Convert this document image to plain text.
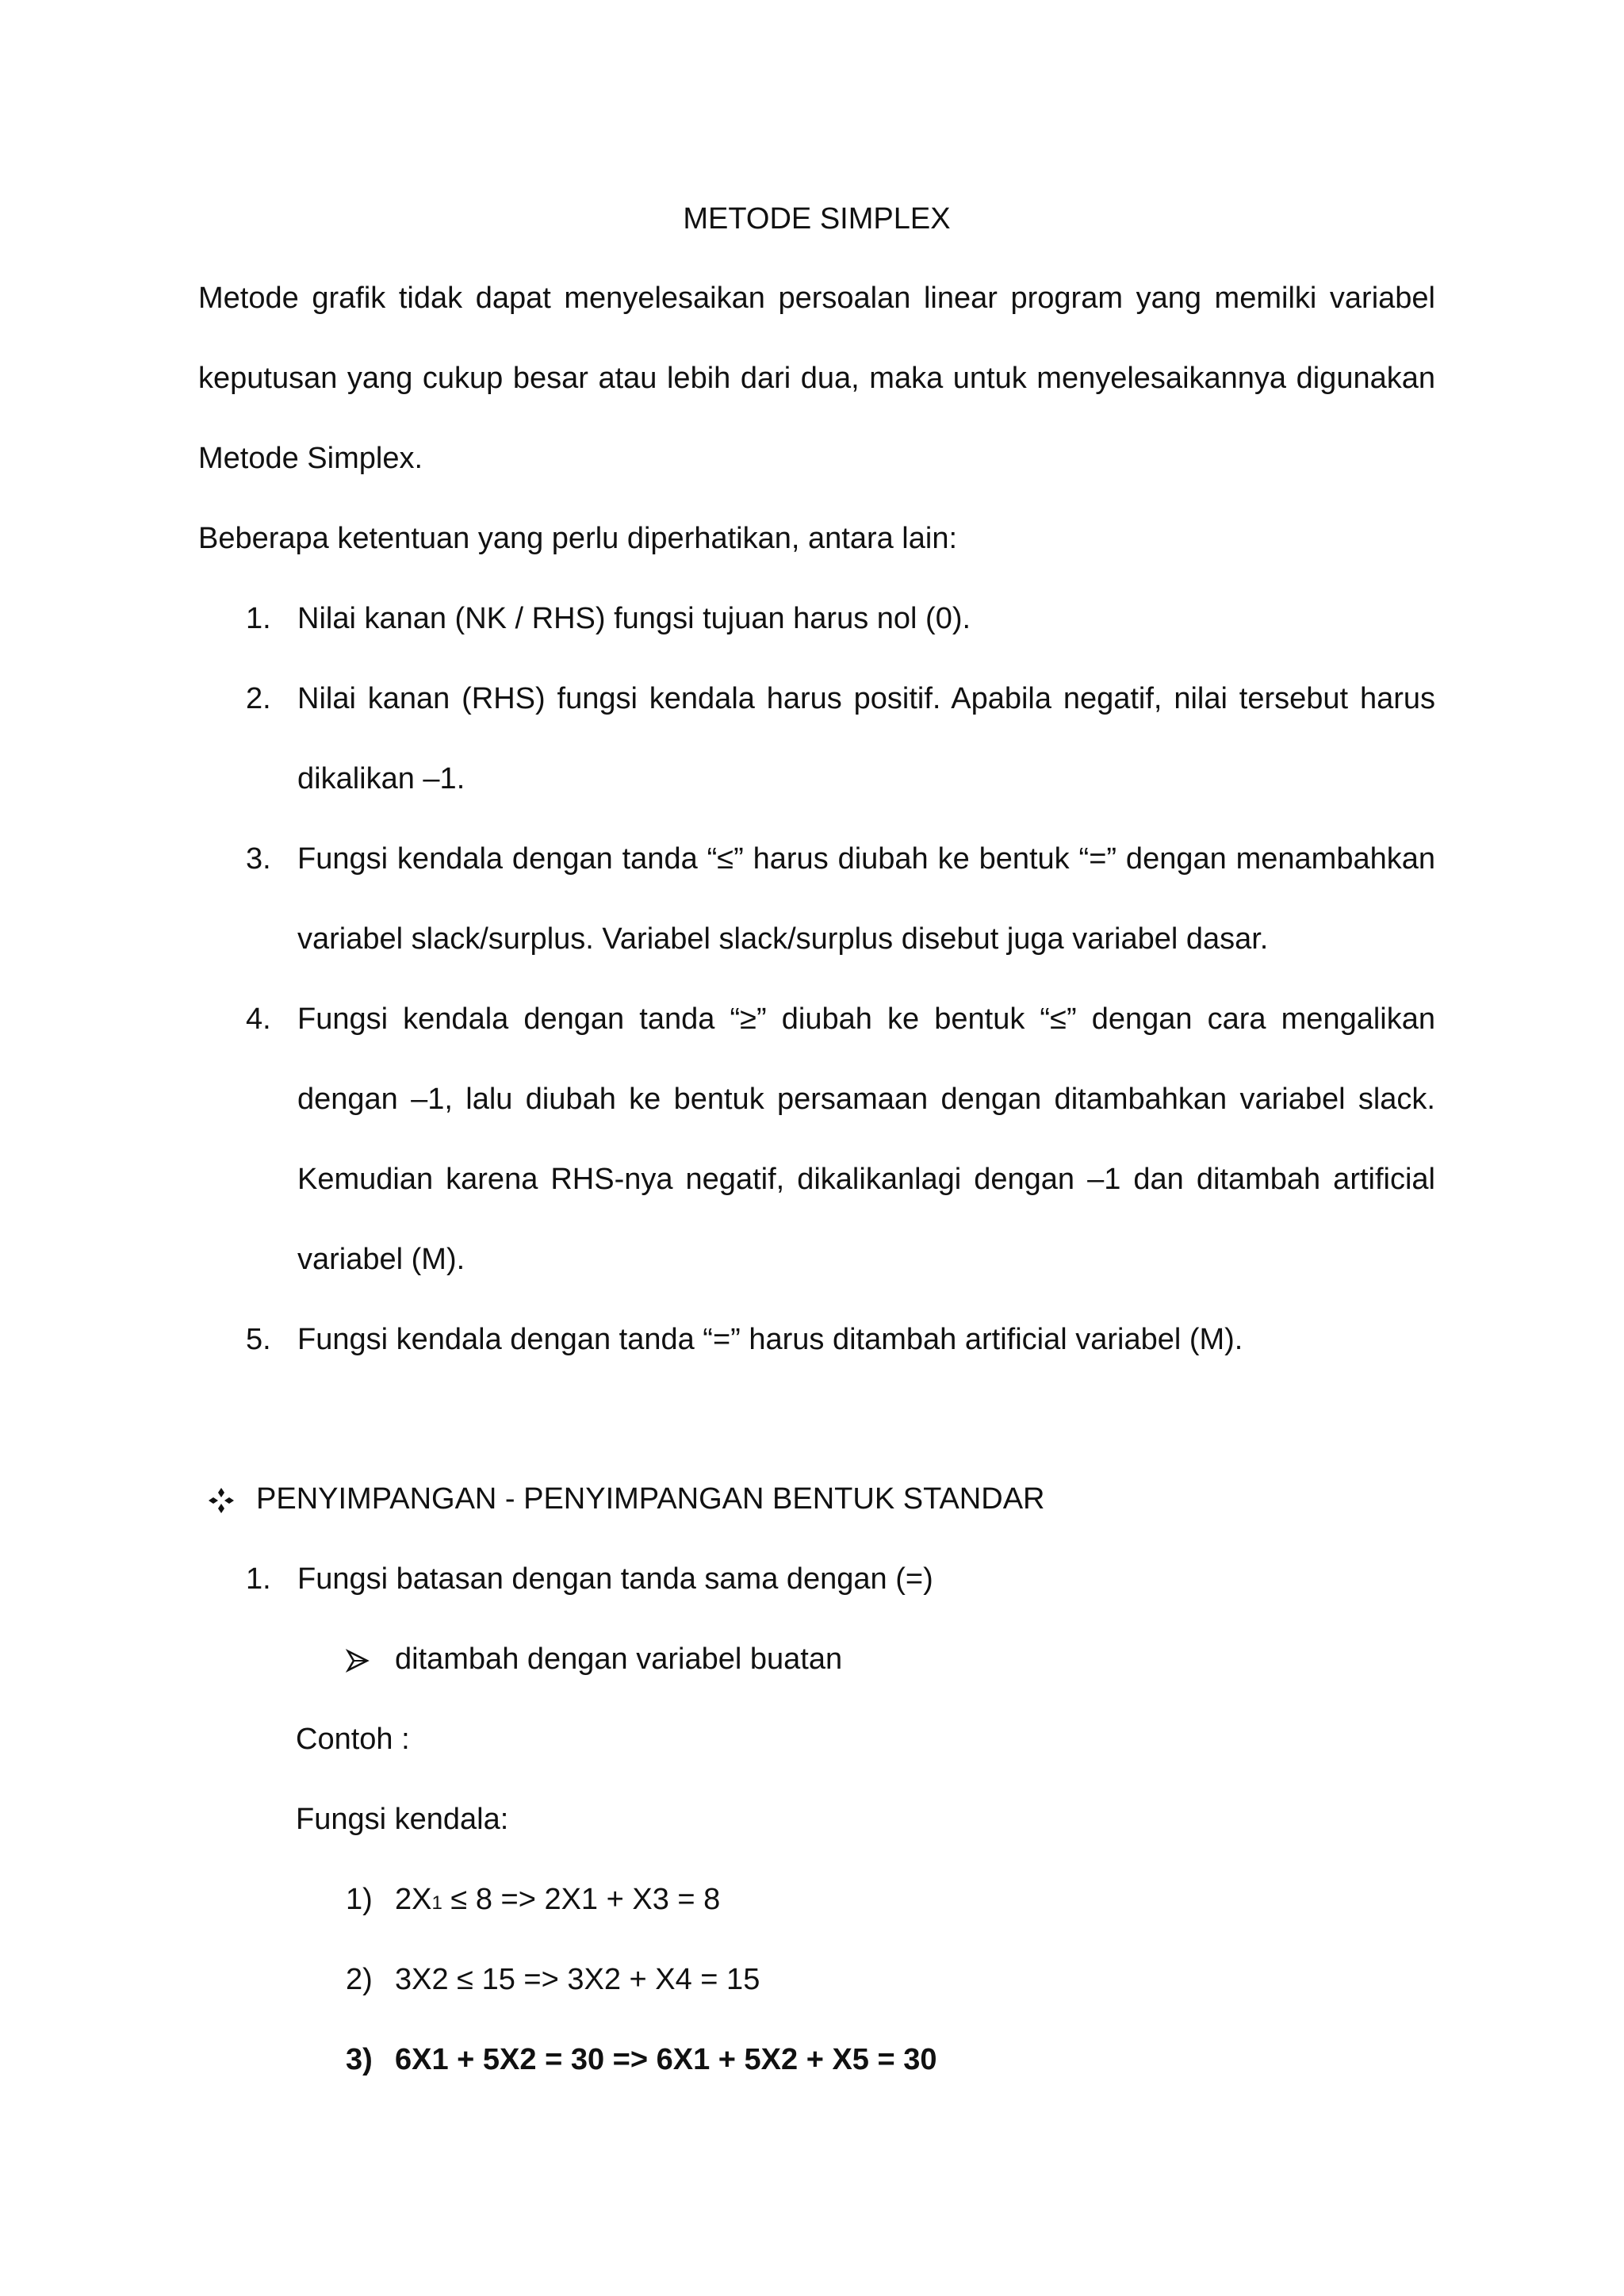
METODE SIMPLEX
Metode grafik tidak dapat menyelesaikan persoalan linear program yang memilki variabel
keputusan yang cukup besar atau lebih dari dua, maka untuk menyelesaikannya digunakan
Metode Simplex.
Beberapa ketentuan yang perlu diperhatikan, antara lain:
1. Nilai kanan (NK / RHS) fungsi tujuan harus nol (0).
2. Nilai kanan (RHS) fungsi kendala harus positif. Apabila negatif, nilai tersebut harus
dikalikan –1.
3. Fungsi kendala dengan tanda “≤” harus diubah ke bentuk “=” dengan menambahkan
variabel slack/surplus. Variabel slack/surplus disebut juga variabel dasar.
4. Fungsi kendala dengan tanda “≥” diubah ke bentuk “≤” dengan cara mengalikan
dengan –1, lalu diubah ke bentuk persamaan dengan ditambahkan variabel slack.
Kemudian karena RHS-nya negatif, dikalikanlagi dengan –1 dan ditambah artificial
variabel (M).
5. Fungsi kendala dengan tanda “=” harus ditambah artificial variabel (M).
PENYIMPANGAN - PENYIMPANGAN BENTUK STANDAR
1. Fungsi batasan dengan tanda sama dengan (=)
ditambah dengan variabel buatan
Contoh :
Fungsi kendala:
1) 2X1 ≤ 8 => 2X1 + X3 = 8
2) 3X2 ≤ 15 => 3X2 + X4 = 15
3) 6X1 + 5X2 = 30 => 6X1 + 5X2 + X5 = 30
